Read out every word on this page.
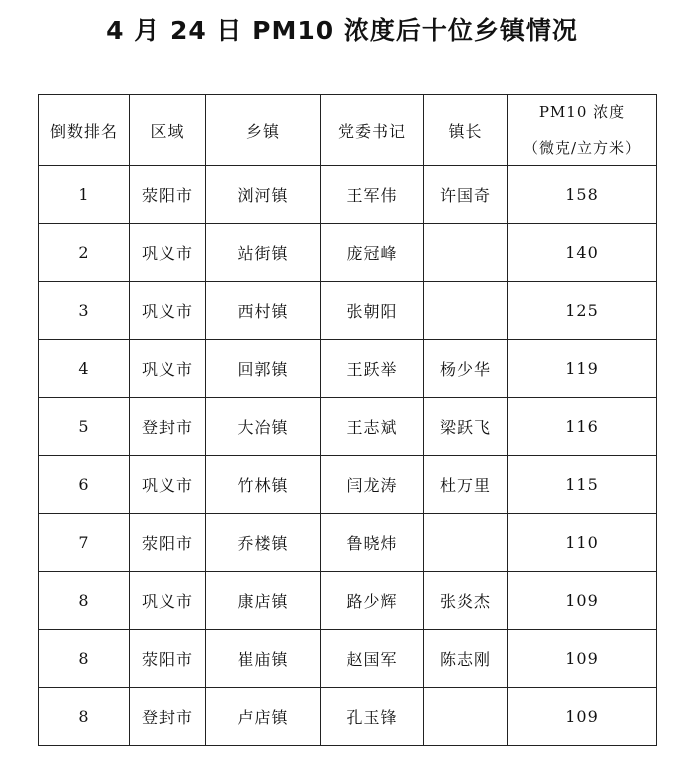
4 月 24 日 PM10 浓度后十位乡镇情况
倒数排名	区域	乡镇	党委书记	镇长	PM10 浓度
（微克/立方米）

1	荥阳市	浏河镇	王军伟	许国奇	158
2	巩义市	站街镇	庞冠峰		140
3	巩义市	西村镇	张朝阳		125
4	巩义市	回郭镇	王跃举	杨少华	119
5	登封市	大冶镇	王志斌	梁跃飞	116
6	巩义市	竹林镇	闫龙涛	杜万里	115
7	荥阳市	乔楼镇	鲁晓炜		110
8	巩义市	康店镇	路少辉	张炎杰	109
8	荥阳市	崔庙镇	赵国军	陈志刚	109
8	登封市	卢店镇	孔玉锋		109
